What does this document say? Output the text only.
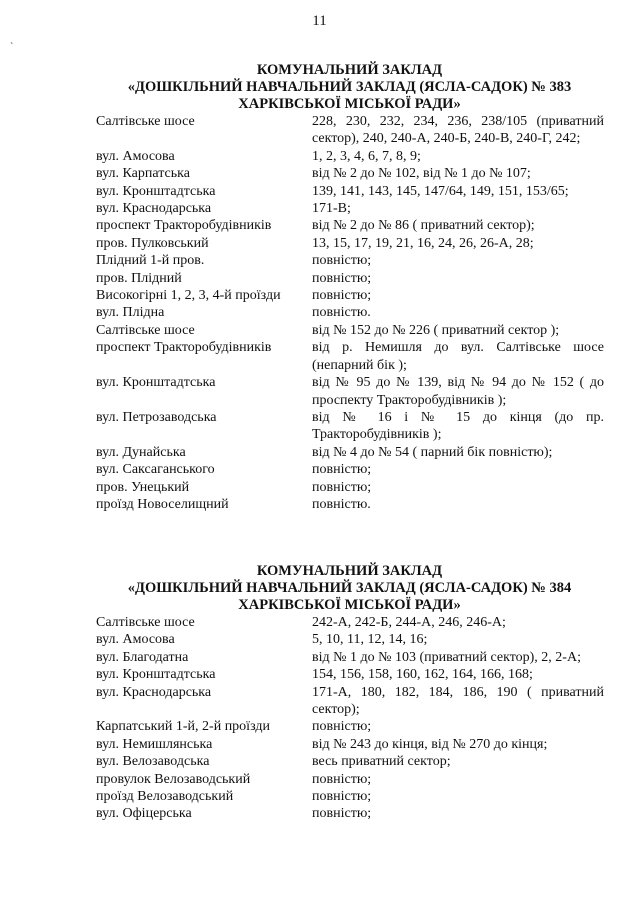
11
`
КОМУНАЛЬНИЙ ЗАКЛАД
«ДОШКІЛЬНИЙ НАВЧАЛЬНИЙ ЗАКЛАД (ЯСЛА-САДОК) № 383
ХАРКІВСЬКОЇ МІСЬКОЇ РАДИ»
Салтівське шосе	228, 230, 232, 234, 236, 238/105 (приватний сектор), 240, 240-А, 240-Б, 240-В, 240-Г, 242;
вул. Амосова	1, 2, 3, 4, 6, 7, 8, 9;
вул. Карпатська	від № 2 до № 102, від № 1 до № 107;
вул. Кронштадтська	139, 141, 143, 145, 147/64, 149, 151, 153/65;
вул. Краснодарська	171-В;
проспект Тракторобудівників	від № 2 до № 86 ( приватний сектор);
пров. Пулковський	13, 15, 17, 19, 21, 16, 24, 26, 26-А, 28;
Плідний 1-й пров.	повністю;
пров. Плідний	повністю;
Високогірні 1, 2, 3, 4-й проїзди	повністю;
вул. Плідна	повністю.
Салтівське шосе	від № 152 до № 226 ( приватний сектор );
проспект Тракторобудівників	від р. Немишля до вул. Салтівське шосе (непарний бік );
вул. Кронштадтська	від № 95 до № 139, від № 94 до № 152 ( до проспекту Тракторобудівників );
вул. Петрозаводська	від № 16 і № 15 до кінця (до пр. Тракторобудівників );
вул. Дунайська	від № 4 до № 54 ( парний бік повністю);
вул. Саксаганського	повністю;
пров. Унецький	повністю;
проїзд Новоселищний	повністю.
КОМУНАЛЬНИЙ ЗАКЛАД
«ДОШКІЛЬНИЙ НАВЧАЛЬНИЙ ЗАКЛАД (ЯСЛА-САДОК) № 384
ХАРКІВСЬКОЇ МІСЬКОЇ РАДИ»
Салтівське шосе	242-А, 242-Б, 244-А, 246, 246-А;
вул. Амосова	5, 10, 11, 12, 14, 16;
вул. Благодатна	від № 1 до № 103 (приватний сектор), 2, 2-А;
вул. Кронштадтська	154, 156, 158, 160, 162, 164, 166, 168;
вул. Краснодарська	171-А, 180, 182, 184, 186, 190 ( приватний сектор);
Карпатський 1-й, 2-й проїзди	повністю;
вул. Немишлянська	від № 243 до кінця, від № 270 до кінця;
вул. Велозаводська	весь приватний сектор;
провулок Велозаводський	повністю;
проїзд Велозаводський	повністю;
вул. Офіцерська	повністю;
